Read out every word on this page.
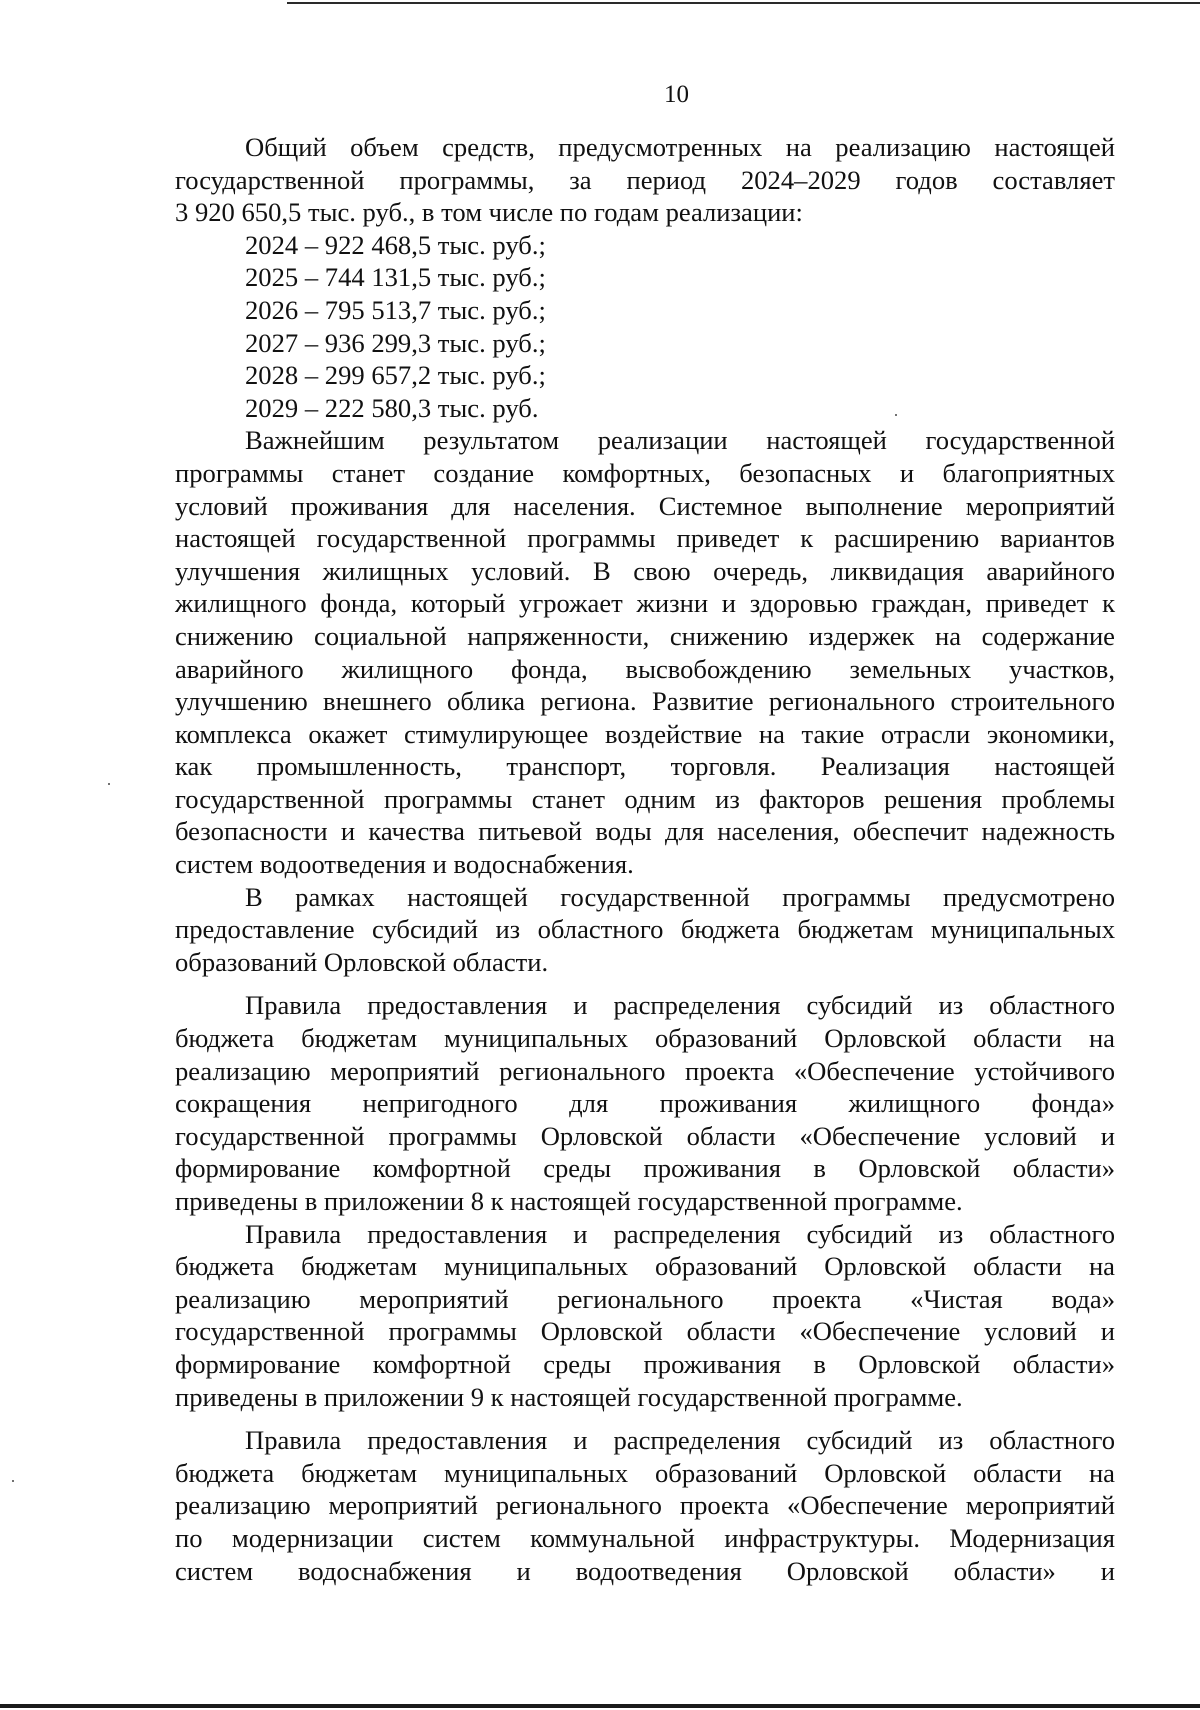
10
Общий объем средств, предусмотренных на реализацию настоящей
государственной программы, за период 2024–2029 годов составляет
3 920 650,5 тыс. руб., в том числе по годам реализации:
2024 – 922 468,5 тыс. руб.;
2025 – 744 131,5 тыс. руб.;
2026 – 795 513,7 тыс. руб.;
2027 – 936 299,3 тыс. руб.;
2028 – 299 657,2 тыс. руб.;
2029 – 222 580,3 тыс. руб.
Важнейшим результатом реализации настоящей государственной
программы станет создание комфортных, безопасных и благоприятных
условий проживания для населения. Системное выполнение мероприятий
настоящей государственной программы приведет к расширению вариантов
улучшения жилищных условий. В свою очередь, ликвидация аварийного
жилищного фонда, который угрожает жизни и здоровью граждан, приведет к
снижению социальной напряженности, снижению издержек на содержание
аварийного жилищного фонда, высвобождению земельных участков,
улучшению внешнего облика региона. Развитие регионального строительного
комплекса окажет стимулирующее воздействие на такие отрасли экономики,
как промышленность, транспорт, торговля. Реализация настоящей
государственной программы станет одним из факторов решения проблемы
безопасности и качества питьевой воды для населения, обеспечит надежность
систем водоотведения и водоснабжения.
В рамках настоящей государственной программы предусмотрено
предоставление субсидий из областного бюджета бюджетам муниципальных
образований Орловской области.
Правила предоставления и распределения субсидий из областного
бюджета бюджетам муниципальных образований Орловской области на
реализацию мероприятий регионального проекта «Обеспечение устойчивого
сокращения непригодного для проживания жилищного фонда»
государственной программы Орловской области «Обеспечение условий и
формирование комфортной среды проживания в Орловской области»
приведены в приложении 8 к настоящей государственной программе.
Правила предоставления и распределения субсидий из областного
бюджета бюджетам муниципальных образований Орловской области на
реализацию мероприятий регионального проекта «Чистая вода»
государственной программы Орловской области «Обеспечение условий и
формирование комфортной среды проживания в Орловской области»
приведены в приложении 9 к настоящей государственной программе.
Правила предоставления и распределения субсидий из областного
бюджета бюджетам муниципальных образований Орловской области на
реализацию мероприятий регионального проекта «Обеспечение мероприятий
по модернизации систем коммунальной инфраструктуры. Модернизация
систем водоснабжения и водоотведения Орловской области» и
